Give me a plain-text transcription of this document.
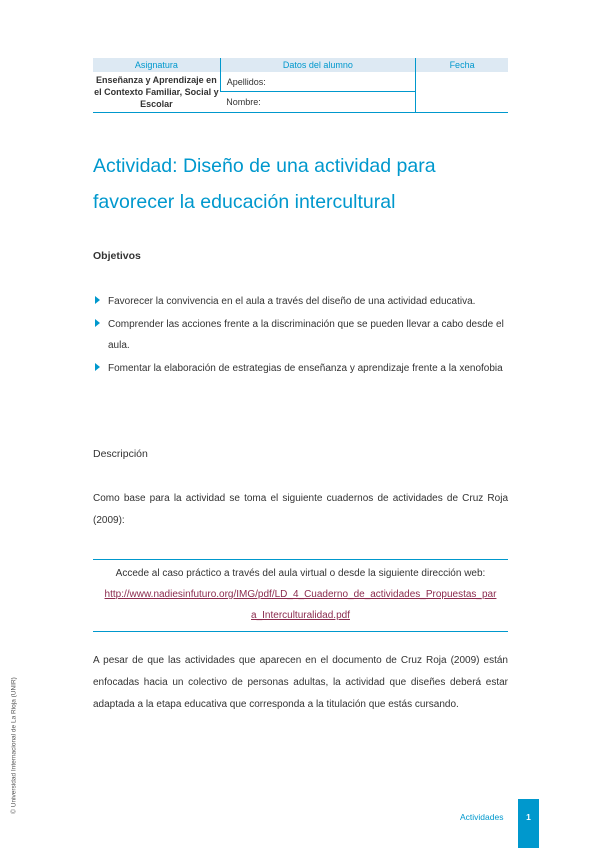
Asignatura	Datos del alumno	Fecha
Enseñanza y Aprendizaje en el Contexto Familiar, Social y Escolar	Apellidos:	
	Nombre:	
Actividad: Diseño de una actividad para favorecer la educación intercultural
Objetivos
Favorecer la convivencia en el aula a través del diseño de una actividad educativa.
Comprender las acciones frente a la discriminación que se pueden llevar a cabo desde el aula.
Fomentar la elaboración de estrategias de enseñanza y aprendizaje frente a la xenofobia
Descripción
Como base para la actividad se toma el siguiente cuadernos de actividades de Cruz Roja (2009):
Accede al caso práctico a través del aula virtual o desde la siguiente dirección web:
http://www.nadiesinfuturo.org/IMG/pdf/LD_4_Cuaderno_de_actividades_Propuestas_para_Interculturalidad.pdf
A pesar de que las actividades que aparecen en el documento de Cruz Roja (2009) están enfocadas hacia un colectivo de personas adultas, la actividad que diseñes deberá estar adaptada a la etapa educativa que corresponda a la titulación que estás cursando.
© Universidad Internacional de La Rioja (UNIR)
Actividades	1
